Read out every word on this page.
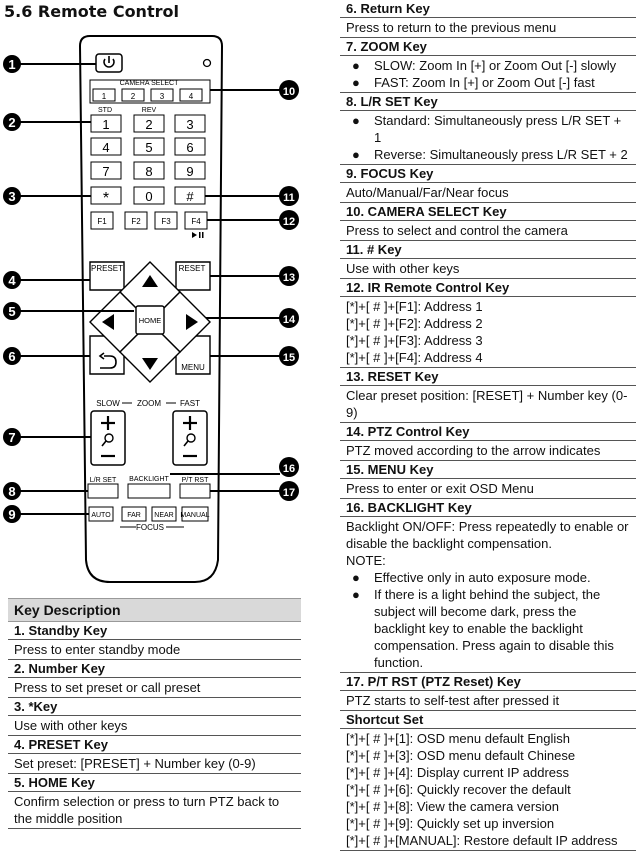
5.6 Remote Control
CAMERA SELECT
1	2	3	4
STD	REV
1	2	3
4	5	6
7	8	9
*	0	#
F1	F2	F3	F4
PRESET	RESET
HOME
MENU
SLOW ZOOM FAST
BACKLIGHT
L/R SET	P/T RST
AUTO FAR NEAR MANUAL
FOCUS
1
2
3
4
5
6
7
8
9
10
11
12
13
14
15
16
17
Key Description
1. Standby Key
Press to enter standby mode
2. Number Key
Press to set preset or call preset
3. *Key
Use with other keys
4. PRESET Key
Set preset: [PRESET] + Number key (0-9)
5. HOME Key
Confirm selection or press to turn PTZ back to the middle position
6. Return Key
Press to return to the previous menu
7. ZOOM Key
●	SLOW: Zoom In [+] or Zoom Out [-] slowly
●	FAST: Zoom In [+] or Zoom Out [-] fast
8. L/R SET Key
●	Standard: Simultaneously press L/R SET + 1
●	Reverse: Simultaneously press L/R SET + 2
9. FOCUS Key
Auto/Manual/Far/Near focus
10. CAMERA SELECT Key
Press to select and control the camera
11. # Key
Use with other keys
12. IR Remote Control Key
[*]+[ # ]+[F1]: Address 1
[*]+[ # ]+[F2]: Address 2
[*]+[ # ]+[F3]: Address 3
[*]+[ # ]+[F4]: Address 4
13. RESET Key
Clear preset position: [RESET] + Number key (0-9)
14. PTZ Control Key
PTZ moved according to the arrow indicates
15. MENU Key
Press to enter or exit OSD Menu
16. BACKLIGHT Key
Backlight ON/OFF: Press repeatedly to enable or disable the backlight compensation.
NOTE:
●	Effective only in auto exposure mode.
●	If there is a light behind the subject, the subject will become dark, press the backlight key to enable the backlight compensation. Press again to disable this function.
17. P/T RST (PTZ Reset) Key
PTZ starts to self-test after pressed it
Shortcut Set
[*]+[ # ]+[1]: OSD menu default English
[*]+[ # ]+[3]: OSD menu default Chinese
[*]+[ # ]+[4]: Display current IP address
[*]+[ # ]+[6]: Quickly recover the default
[*]+[ # ]+[8]: View the camera version
[*]+[ # ]+[9]: Quickly set up inversion
[*]+[ # ]+[MANUAL]: Restore default IP address
